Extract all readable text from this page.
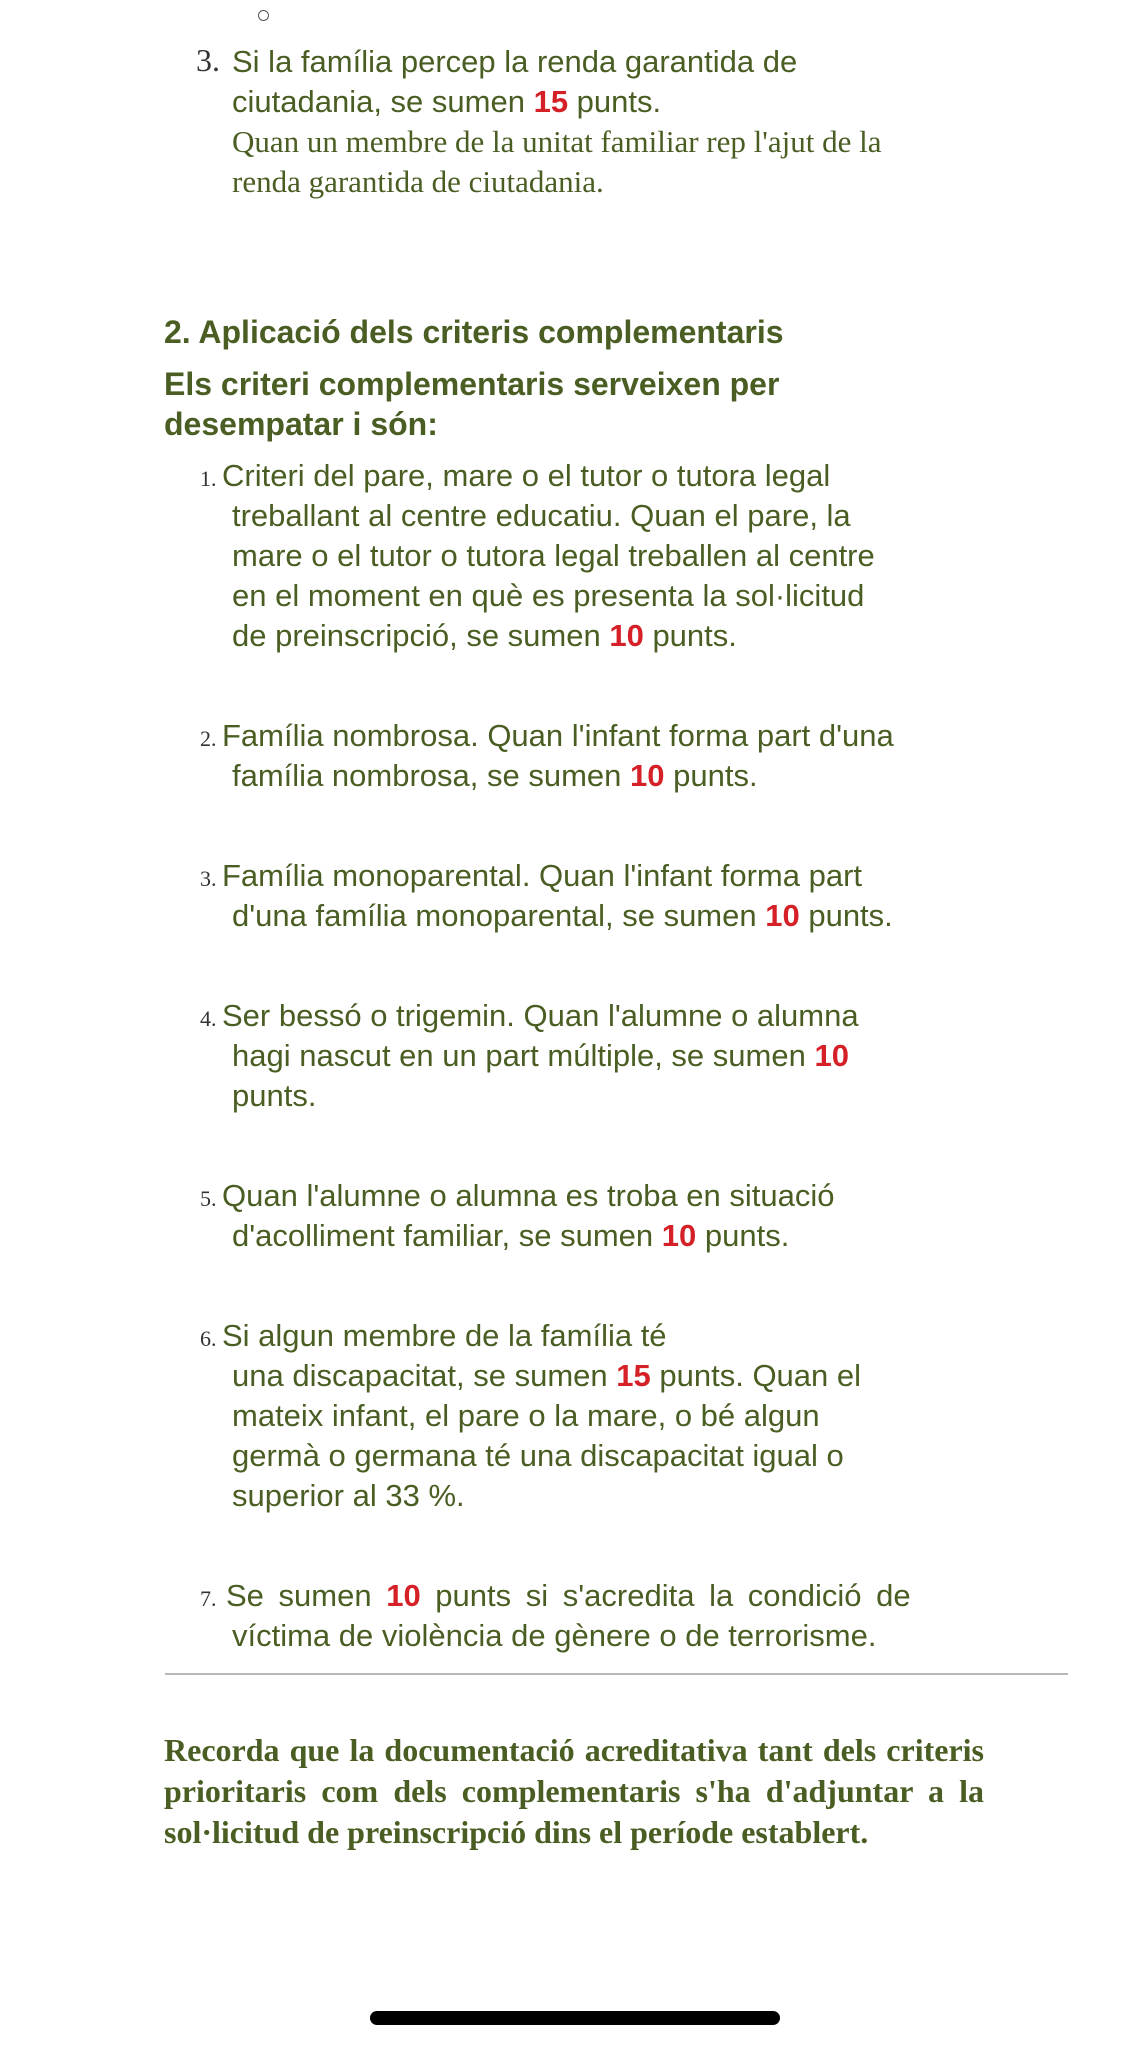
3. Si la família percep la renda garantida de
ciutadania, se sumen 15 punts.
Quan un membre de la unitat familiar rep l'ajut de la
renda garantida de ciutadania.
2. Aplicació dels criteris complementaris
Els criteri complementaris serveixen per
desempatar i són:
1. Criteri del pare, mare o el tutor o tutora legal
treballant al centre educatiu. Quan el pare, la
mare o el tutor o tutora legal treballen al centre
en el moment en què es presenta la sol·licitud
de preinscripció, se sumen 10 punts.
2. Família nombrosa. Quan l'infant forma part d'una
família nombrosa, se sumen 10 punts.
3. Família monoparental. Quan l'infant forma part
d'una família monoparental, se sumen 10 punts.
4. Ser bessó o trigemin. Quan l'alumne o alumna
hagi nascut en un part múltiple, se sumen 10
punts.
5. Quan l'alumne o alumna es troba en situació
d'acolliment familiar, se sumen 10 punts.
6. Si algun membre de la família té
una discapacitat, se sumen 15 punts. Quan el
mateix infant, el pare o la mare, o bé algun
germà o germana té una discapacitat igual o
superior al 33 %.
7. Se sumen 10 punts si s'acredita la condició de
víctima de violència de gènere o de terrorisme.
Recorda que la documentació acreditativa tant dels criteris prioritaris com dels complementaris s'ha d'adjuntar a la sol·licitud de preinscripció dins el període establert.
